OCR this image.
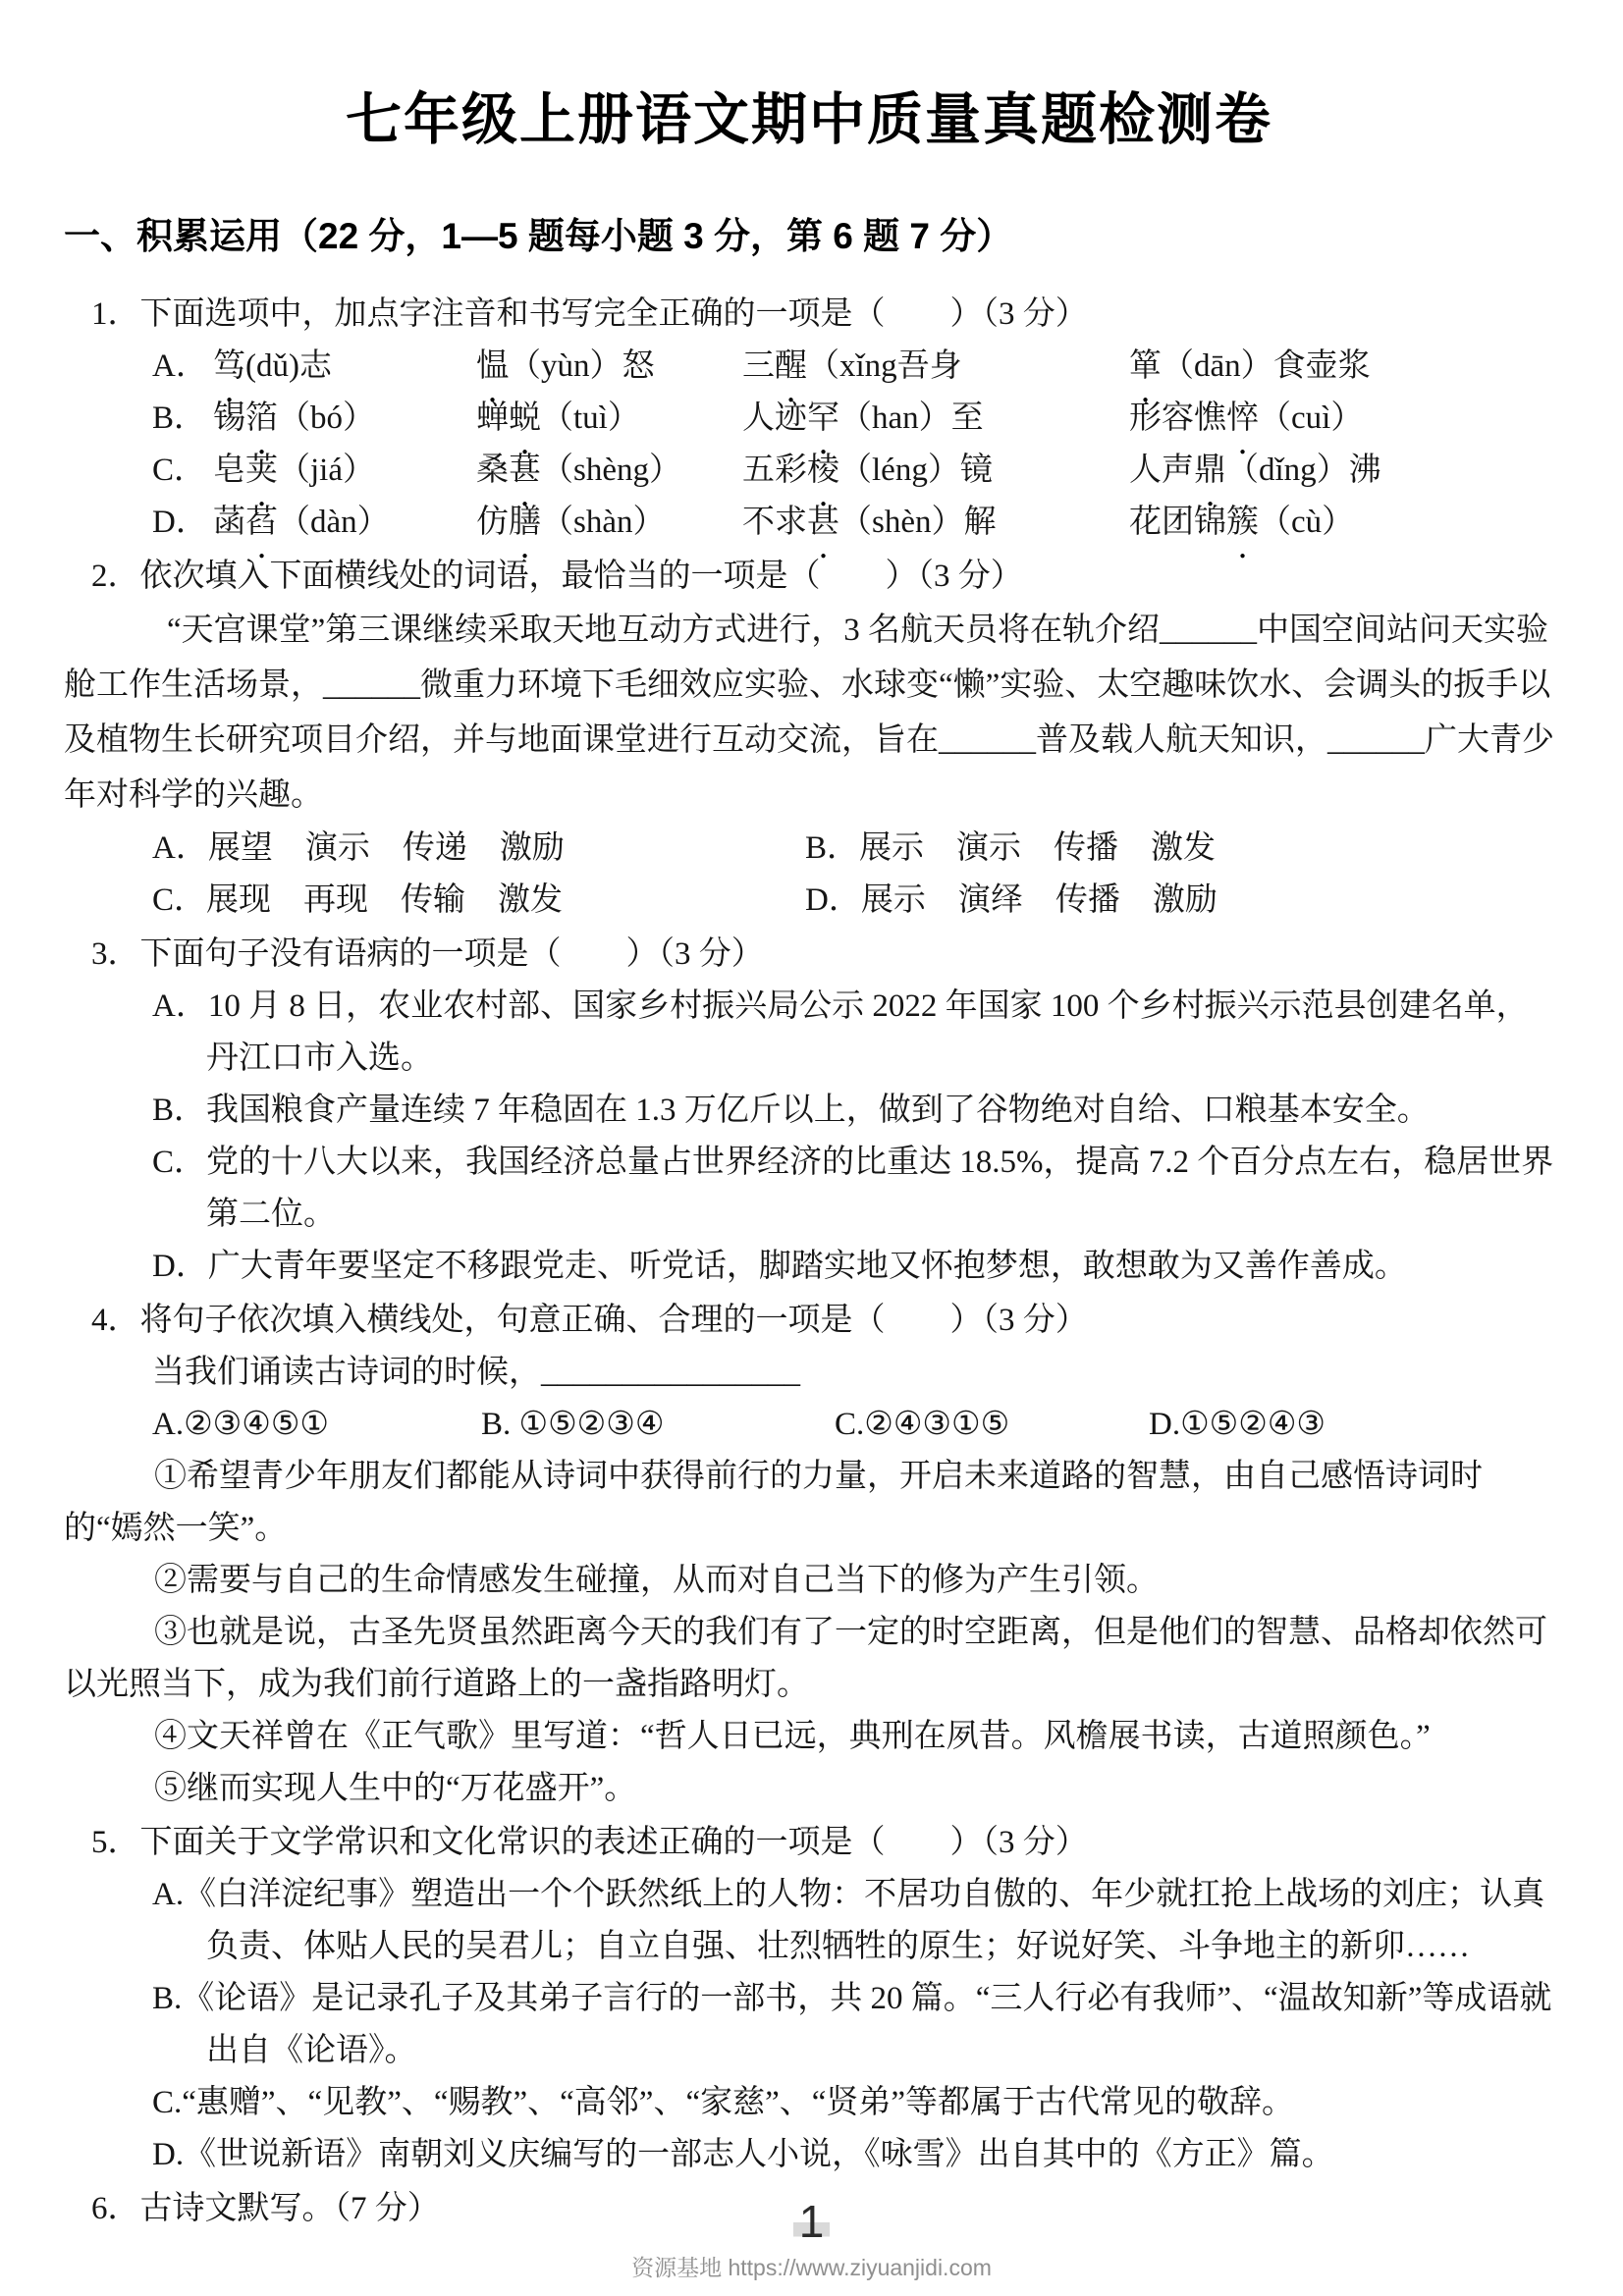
七年级上册语文期中质量真题检测卷
一、积累运用（22 分，1—5 题每小题 3 分，第 6 题 7 分）

1．下面选项中，加点字注音和书写完全正确的一项是（　　）（3 分）

A． 笃 ●(dǔ)志	愠 ●（yùn）怒	三醒 ●（xǐng吾身	箪 ●（dān）食壶浆
B． 锡箔 ●（bó）	蝉蜕 ●（tuì）	人迹罕 ●（han）至	形容憔悴 ●（cuì）
C． 皂荚 ●（jiá）	桑葚 ●（shèng）	五彩棱 ●（léng）镜	人声鼎 ●（dǐng）沸
D． 菡萏 ●（dàn）	仿膳 ●（shàn）	不求甚 ●（shèn）解	花团锦簇 ●（cù）

2．依次填入下面横线处的词语，最恰当的一项是（　　）（3 分）

“天宫课堂”第三课继续采取天地互动方式进行，3 名航天员将在轨介绍______中国空间站问天实验舱工作生活场景，______微重力环境下毛细效应实验、水球变“懒”实验、太空趣味饮水、会调头的扳手以及植物生长研究项目介绍，并与地面课堂进行互动交流，旨在______普及载人航天知识，______广大青少年对科学的兴趣。

A．展望　演示　传递　激励	B．展示　演示　传播　激发

C．展现　再现　传输　激发	D．展示　演绎　传播　激励

3．下面句子没有语病的一项是（　　）（3 分）

A．10 月 8 日，农业农村部、国家乡村振兴局公示 2022 年国家 100 个乡村振兴示范县创建名单，丹江口市入选。

B．我国粮食产量连续 7 年稳固在 1.3 万亿斤以上，做到了谷物绝对自给、口粮基本安全。

C．党的十八大以来，我国经济总量占世界经济的比重达 18.5%，提高 7.2 个百分点左右，稳居世界第二位。

D．广大青年要坚定不移跟党走、听党话，脚踏实地又怀抱梦想，敢想敢为又善作善成。

4．将句子依次填入横线处，句意正确、合理的一项是（　　）（3 分）

当我们诵读古诗词的时候，________________

A.②③④⑤①	B. ①⑤②③④	C.②④③①⑤	D.①⑤②④③

①希望青少年朋友们都能从诗词中获得前行的力量，开启未来道路的智慧，由自己感悟诗词时的“嫣然一笑”。

②需要与自己的生命情感发生碰撞，从而对自己当下的修为产生引领。

③也就是说，古圣先贤虽然距离今天的我们有了一定的时空距离，但是他们的智慧、品格却依然可以光照当下，成为我们前行道路上的一盏指路明灯。

④文天祥曾在《正气歌》里写道：“哲人日已远，典刑在夙昔。风檐展书读，古道照颜色。”

⑤继而实现人生中的“万花盛开”。

5．下面关于文学常识和文化常识的表述正确的一项是（　　）（3 分）

A.《白洋淀纪事》塑造出一个个跃然纸上的人物：不居功自傲的、年少就扛抢上战场的刘庄；认真负责、体贴人民的吴君儿；自立自强、壮烈牺牲的原生；好说好笑、斗争地主的新卯……

B.《论语》是记录孔子及其弟子言行的一部书，共 20 篇。“三人行必有我师”、“温故知新”等成语就出自《论语》。

C.“惠赠”、“见教”、“赐教”、“高邻”、“家慈”、“贤弟”等都属于古代常见的敬辞。

D.《世说新语》南朝刘义庆编写的一部志人小说，《咏雪》出自其中的《方正》篇。

6．古诗文默写。（7 分）	1
资源基地 https://www.ziyuanjidi.com
